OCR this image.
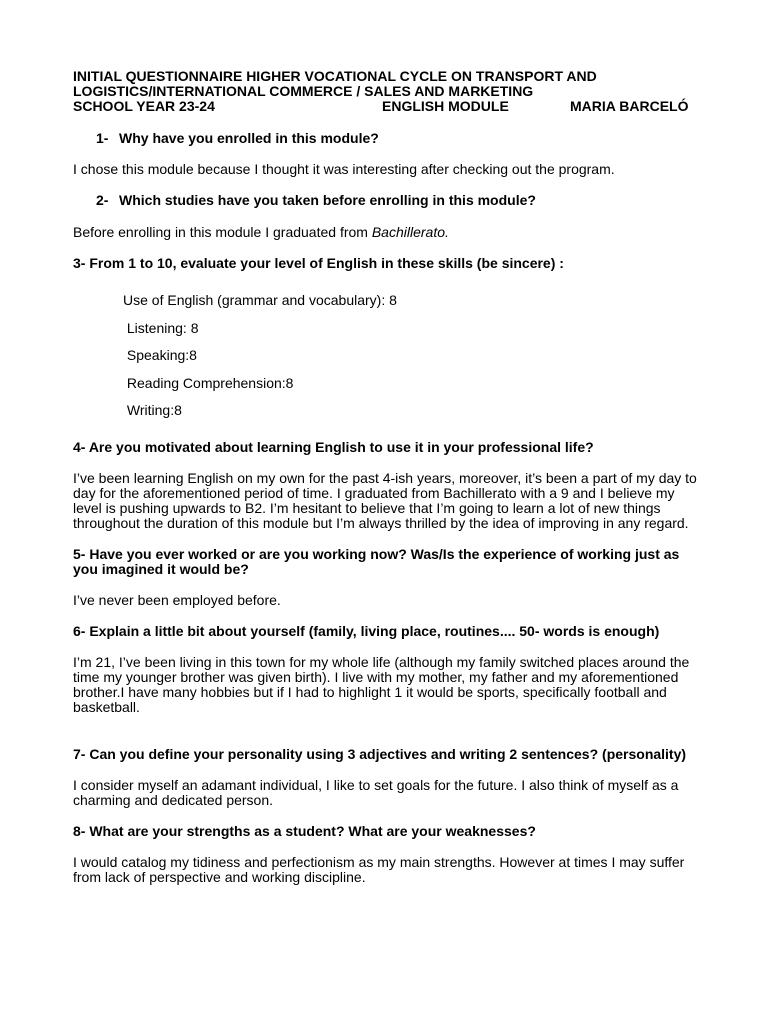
INITIAL QUESTIONNAIRE HIGHER VOCATIONAL CYCLE ON TRANSPORT AND

LOGISTICS/INTERNATIONAL COMMERCE / SALES AND MARKETING

SCHOOL YEAR 23-24	ENGLISH MODULE	MARIA BARCELÓ
1- Why have you enrolled in this module?

I chose this module because I thought it was interesting after checking out the program.

2- Which studies have you taken before enrolling in this module?

Before enrolling in this module I graduated from Bachillerato.

3- From 1 to 10, evaluate your level of English in these skills (be sincere) :

Use of English (grammar and vocabulary): 8
Listening: 8
Speaking:8
Reading Comprehension:8
Writing:8

4- Are you motivated about learning English to use it in your professional life?

I’ve been learning English on my own for the past 4-ish years, moreover, it’s been a part of my day to day for the aforementioned period of time. I graduated from Bachillerato with a 9 and I believe my level is pushing upwards to B2. I’m hesitant to believe that I’m going to learn a lot of new things throughout the duration of this module but I’m always thrilled by the idea of improving in any regard.

5- Have you ever worked or are you working now? Was/Is the experience of working just as you imagined it would be?

I’ve never been employed before.

6- Explain a little bit about yourself (family, living place, routines.... 50- words is enough)

I’m 21, I’ve been living in this town for my whole life (although my family switched places around the time my younger brother was given birth). I live with my mother, my father and my aforementioned brother.I have many hobbies but if I had to highlight 1 it would be sports, specifically football and basketball.

7- Can you define your personality using 3 adjectives and writing 2 sentences? (personality)

I consider myself an adamant individual, I like to set goals for the future. I also think of myself as a charming and dedicated person.

8- What are your strengths as a student? What are your weaknesses?

I would catalog my tidiness and perfectionism as my main strengths. However at times I may suffer from lack of perspective and working discipline.
